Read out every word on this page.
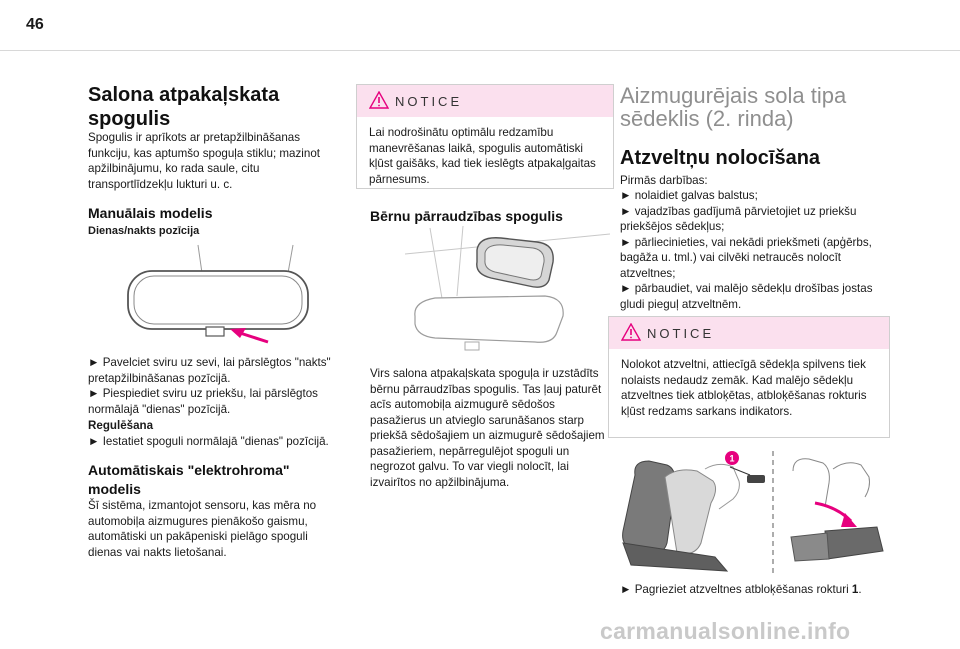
46
Salona atpakaļskata spogulis

Spogulis ir aprīkots ar pretapžilbināšanas funkciju, kas aptumšo spoguļa stiklu; mazinot apžilbinājumu, ko rada saule, citu transportlīdzekļu lukturi u. c.

Manuālais modelis
Dienas/nakts pozīcija

► Pavelciet sviru uz sevi, lai pārslēgtos "nakts" pretapžilbināšanas pozīcijā.

► Piespiediet sviru uz priekšu, lai pārslēgtos normālajā "dienas" pozīcijā.

Regulēšana

► Iestatiet spoguli normālajā "dienas" pozīcijā.

Automātiskais "elektrohroma" modelis

Šī sistēma, izmantojot sensoru, kas mēra no automobiļa aizmugures pienākošo gaismu, automātiski un pakāpeniski pielāgo spoguli dienas vai nakts lietošanai.

NOTICE
Lai nodrošinātu optimālu redzamību manevrēšanas laikā, spogulis automātiski kļūst gaišāks, kad tiek ieslēgts atpakaļgaitas pārnesums.
Bērnu pārraudzības spogulis

Virs salona atpakaļskata spoguļa ir uzstādīts bērnu pārraudzības spogulis. Tas ļauj paturēt acīs automobiļa aizmugurē sēdošos pasažierus un atvieglo sarunāšanos starp priekšā sēdošajiem un aizmugurē sēdošajiem pasažieriem, nepārregulējot spoguli un negrozot galvu. To var viegli nolocīt, lai izvairītos no apžilbinājuma.

Aizmugurējais sola tipa sēdeklis (2. rinda)
Atzveltņu nolocīšana

Pirmās darbības:

► nolaidiet galvas balstus;

► vajadzības gadījumā pārvietojiet uz priekšu priekšējos sēdekļus;

► pārliecinieties, vai nekādi priekšmeti (apģērbs, bagāža u. tml.) vai cilvēki netraucēs nolocīt atzveltnes;

► pārbaudiet, vai malējo sēdekļu drošības jostas gludi pieguļ atzveltnēm.

NOTICE
Nolokot atzveltni, attiecīgā sēdekļa spilvens tiek nolaists nedaudz zemāk. Kad malējo sēdekļu atzveltnes tiek atbloķētas, atbloķēšanas rokturis kļūst redzams sarkans indikators.
1

► Pagrieziet atzveltnes atbloķēšanas rokturi 1.

carmanualsonline.info
